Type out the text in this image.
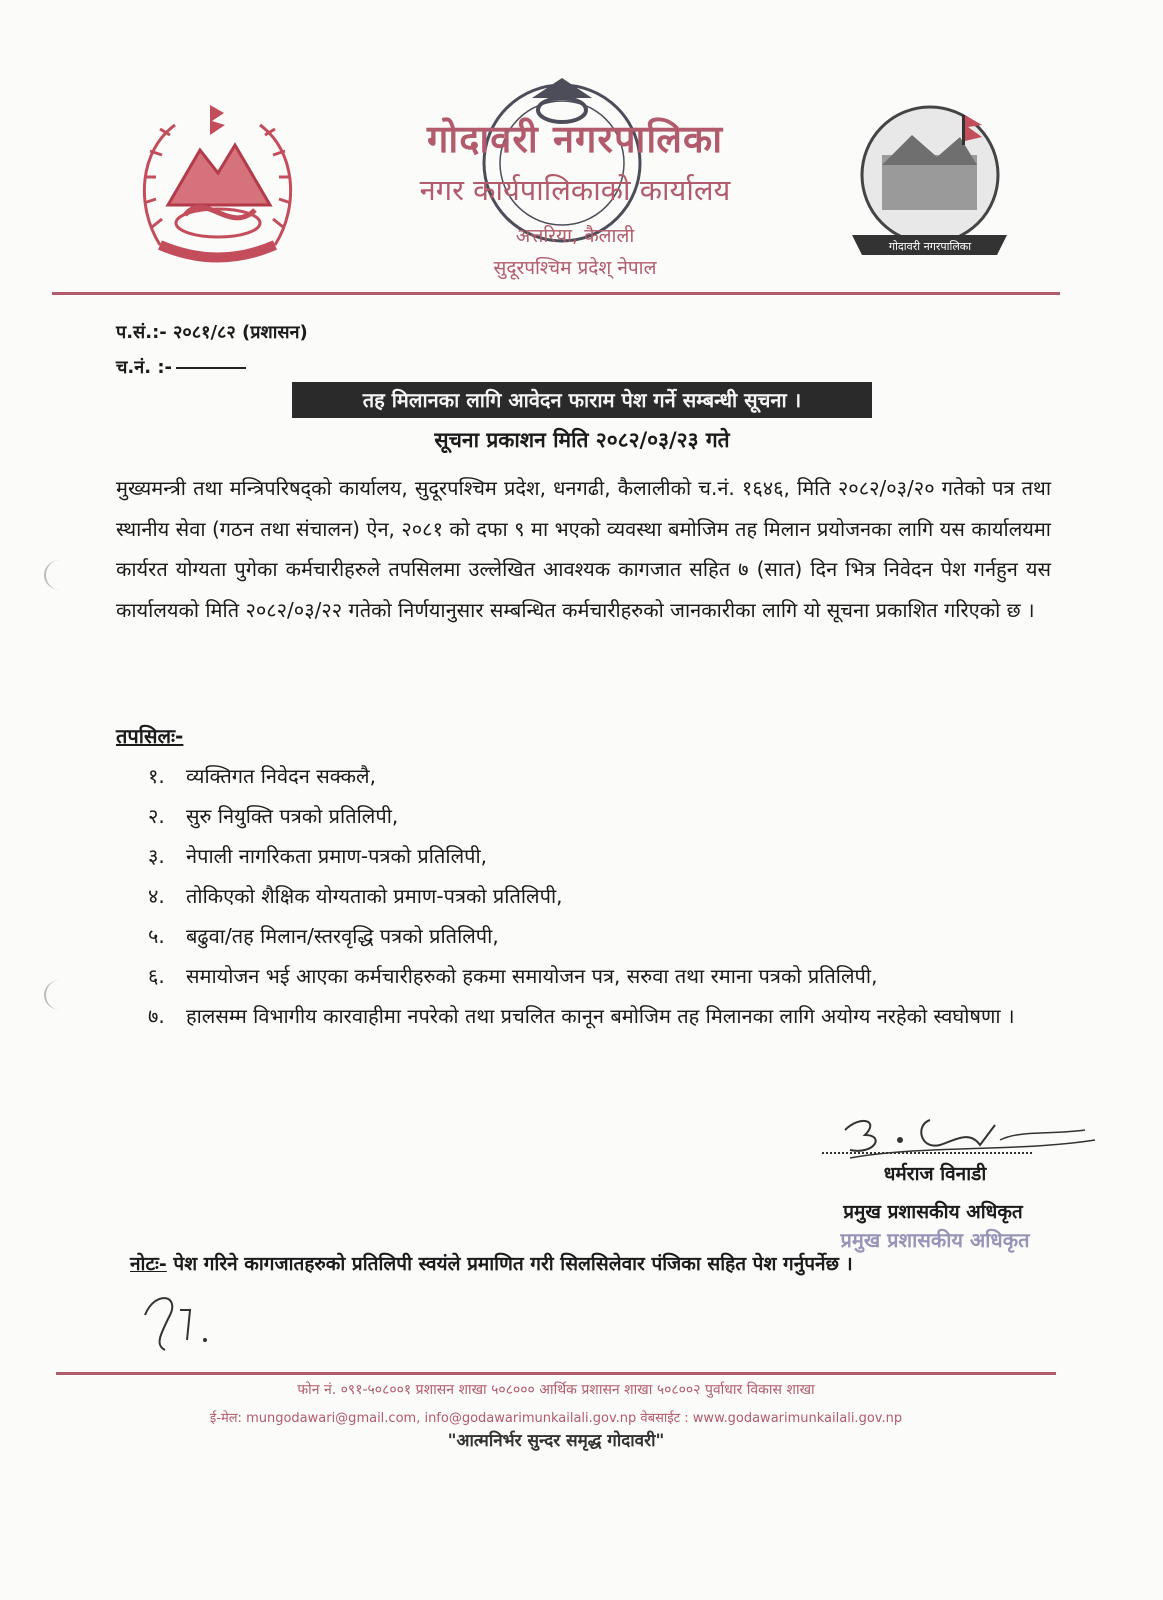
गोदावरी नगरपालिका
गोदावरी नगरपालिका
नगर कार्यपालिकाको कार्यालय
अत्तरिया, कैलाली
सुदूरपश्चिम प्रदेश् नेपाल
प.सं.:- २०८१/८२ (प्रशासन)
च.नं. :-
तह मिलानका लागि आवेदन फाराम पेश गर्ने सम्बन्धी सूचना ।
सूचना प्रकाशन मिति २०८२/०३/२३ गते
मुख्यमन्त्री तथा मन्त्रिपरिषद्को कार्यालय, सुदूरपश्चिम प्रदेश, धनगढी, कैलालीको च.नं. १६४६, मिति २०८२/०३/२० गतेको पत्र तथा स्थानीय सेवा (गठन तथा संचालन) ऐन, २०८१ को दफा ९ मा भएको व्यवस्था बमोजिम तह मिलान प्रयोजनका लागि यस कार्यालयमा कार्यरत योग्यता पुगेका कर्मचारीहरुले तपसिलमा उल्लेखित आवश्यक कागजात सहित ७ (सात) दिन भित्र निवेदन पेश गर्नहुन यस कार्यालयको मिति २०८२/०३/२२ गतेको निर्णयानुसार सम्बन्धित कर्मचारीहरुको जानकारीका लागि यो सूचना प्रकाशित गरिएको छ ।
तपसिलः-
१.	व्यक्तिगत निवेदन सक्कलै,
२.	सुरु नियुक्ति पत्रको प्रतिलिपी,
३.	नेपाली नागरिकता प्रमाण-पत्रको प्रतिलिपी,
४.	तोकिएको शैक्षिक योग्यताको प्रमाण-पत्रको प्रतिलिपी,
५.	बढुवा/तह मिलान/स्तरवृद्धि पत्रको प्रतिलिपी,
६.	समायोजन भई आएका कर्मचारीहरुको हकमा समायोजन पत्र, सरुवा तथा रमाना पत्रको प्रतिलिपी,
७.	हालसम्म विभागीय कारवाहीमा नपरेको तथा प्रचलित कानून बमोजिम तह मिलानका लागि अयोग्य नरहेको स्वघोषणा ।
धर्मराज विनाडी
प्रमुख प्रशासकीय अधिकृत
प्रमुख प्रशासकीय अधिकृत
नोटः- पेश गरिने कागजातहरुको प्रतिलिपी स्वयंले प्रमाणित गरी सिलसिलेवार पंजिका सहित पेश गर्नुपर्नेछ ।
फोन नं. ०९१-५०८००१ प्रशासन शाखा ५०८००० आर्थिक प्रशासन शाखा ५०८००२ पुर्वाधार विकास शाखा
ई-मेल: mungodawari@gmail.com, info@godawarimunkailali.gov.np वेबसाईट : www.godawarimunkailali.gov.np
"आत्मनिर्भर सुन्दर समृद्ध गोदावरी"
